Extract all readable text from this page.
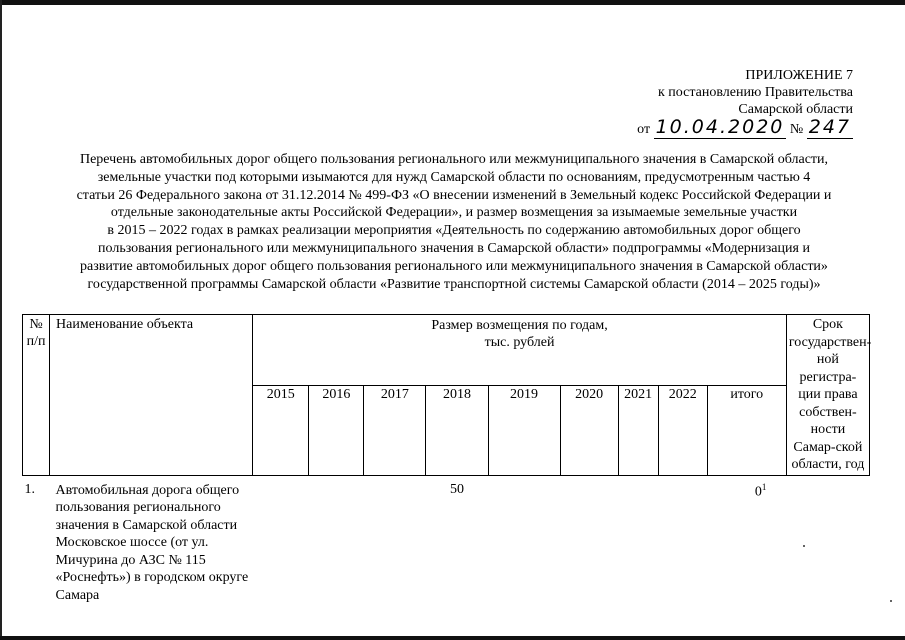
ПРИЛОЖЕНИЕ 7
к постановлению Правительства
Самарской области
от 10.04.2020 № 247
Перечень автомобильных дорог общего пользования регионального или межмуниципального значения в Самарской области,
земельные участки под которыми изымаются для нужд Самарской области по основаниям, предусмотренным частью 4
статьи 26 Федерального закона от 31.12.2014 № 499-ФЗ «О внесении изменений в Земельный кодекс Российской Федерации и
отдельные законодательные акты Российской Федерации», и размер возмещения за изымаемые земельные участки
в 2015 – 2022 годах в рамках реализации мероприятия «Деятельность по содержанию автомобильных дорог общего
пользования регионального или межмуниципального значения в Самарской области» подпрограммы «Модернизация и
развитие автомобильных дорог общего пользования регионального или межмуниципального значения в Самарской области»
государственной программы Самарской области «Развитие транспортной системы Самарской области (2014 – 2025 годы)»
№ п/п	Наименование объекта	Размер возмещения по годам,
тыс. рублей									Срок государствен-ной регистра-ции права собствен-ности Самар-ской области, год
		2015	2016	2017	2018	2019	2020	2021	2022	итого	
1.	Автомобильная дорога общего пользования регионального значения в Самарской области Московское шоссе (от ул. Мичурина до АЗС № 115 «Роснефть») в городском округе Самара				50					$0^1$	
